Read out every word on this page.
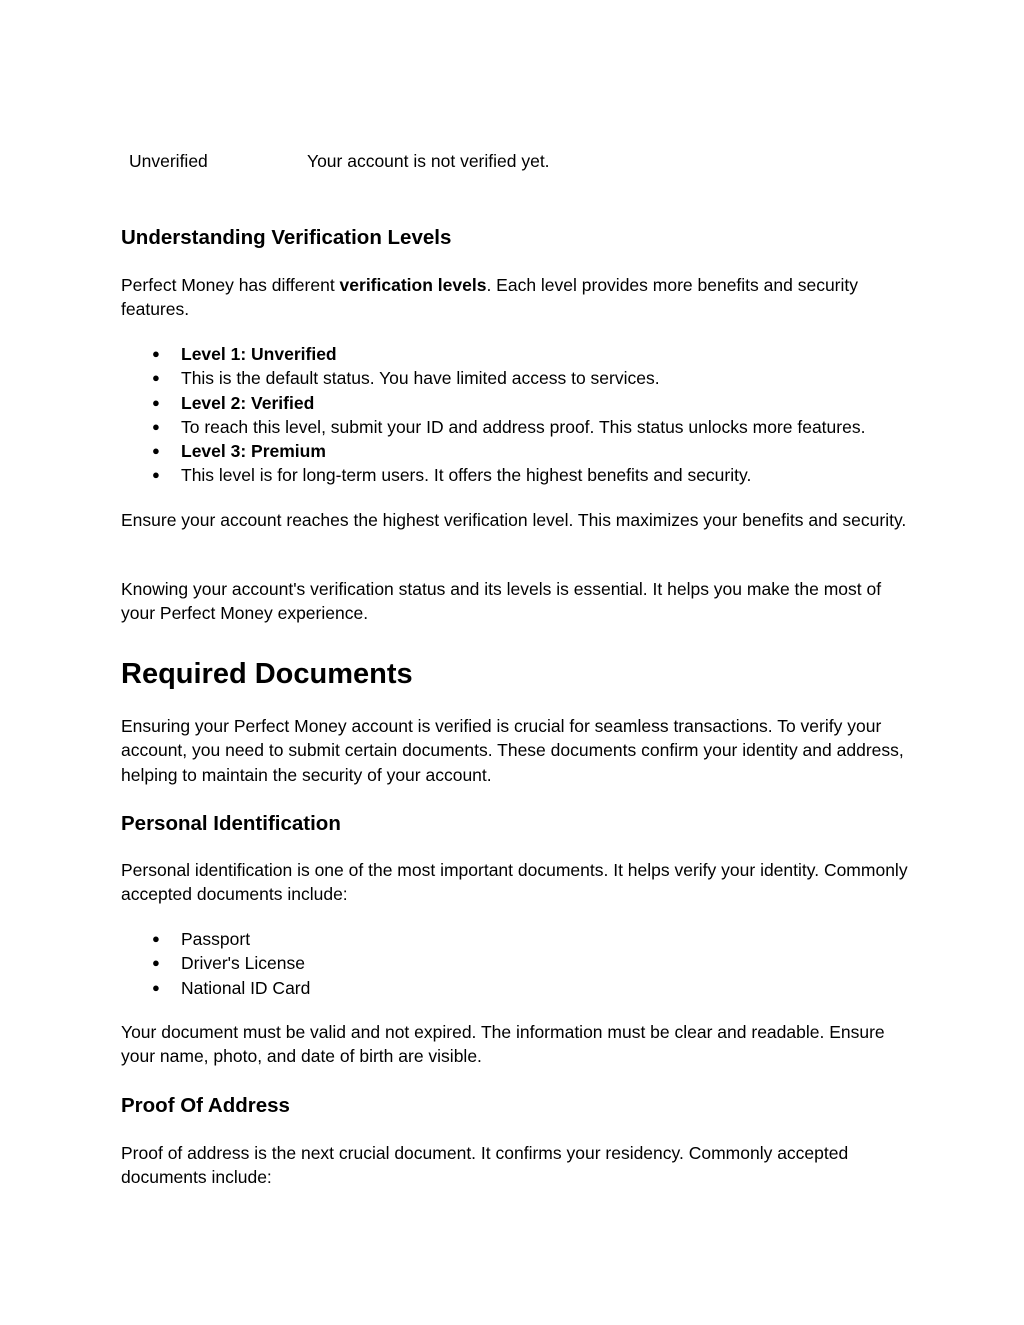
Unverified	Your account is not verified yet.
Understanding Verification Levels

Perfect Money has different verification levels. Each level provides more benefits and security features.

● Level 1: Unverified
● This is the default status. You have limited access to services.
● Level 2: Verified
● To reach this level, submit your ID and address proof. This status unlocks more features.
● Level 3: Premium
● This level is for long-term users. It offers the highest benefits and security.

Ensure your account reaches the highest verification level. This maximizes your benefits and security.

Knowing your account's verification status and its levels is essential. It helps you make the most of your Perfect Money experience.

Required Documents

Ensuring your Perfect Money account is verified is crucial for seamless transactions. To verify your account, you need to submit certain documents. These documents confirm your identity and address, helping to maintain the security of your account.

Personal Identification

Personal identification is one of the most important documents. It helps verify your identity. Commonly accepted documents include:

● Passport
● Driver's License
● National ID Card

Your document must be valid and not expired. The information must be clear and readable. Ensure your name, photo, and date of birth are visible.

Proof Of Address

Proof of address is the next crucial document. It confirms your residency. Commonly accepted documents include:
